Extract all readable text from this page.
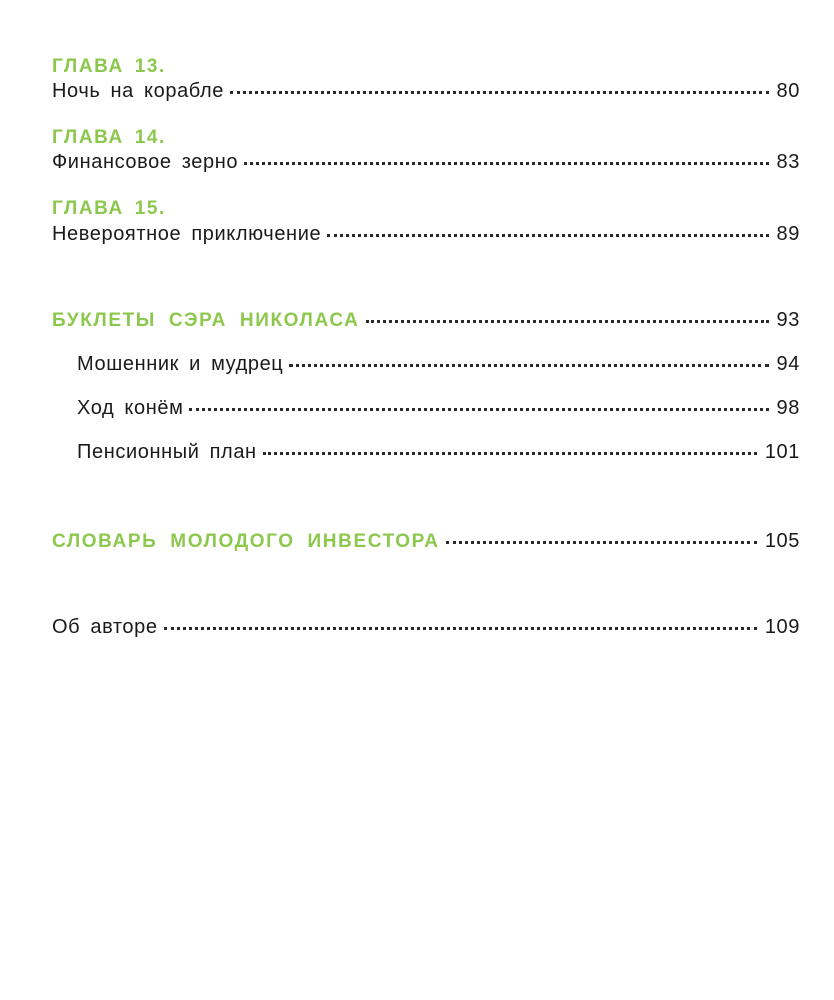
ГЛАВА 13.
Ночь на корабле	80
ГЛАВА 14.
Финансовое зерно	83
ГЛАВА 15.
Невероятное приключение	89
БУКЛЕТЫ СЭРА НИКОЛАСА	93
Мошенник и мудрец	94
Ход конём	98
Пенсионный план	101
СЛОВАРЬ МОЛОДОГО ИНВЕСТОРА	105
Об авторе	109
